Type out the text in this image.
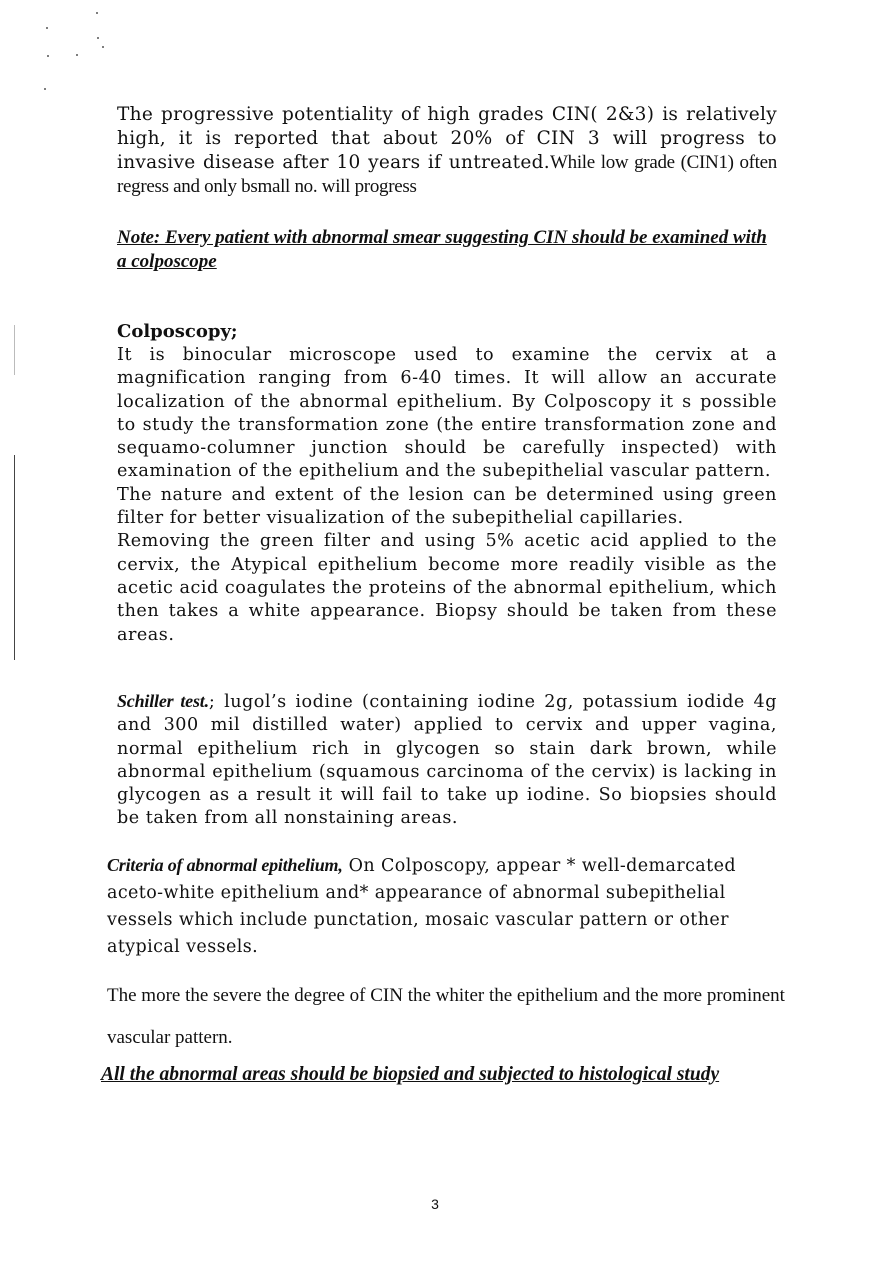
The progressive potentiality of high grades CIN( 2&3) is relatively high, it is reported that about 20% of CIN 3 will progress to invasive disease after 10 years if untreated.While low grade (CIN1) often regress and only bsmall no. will progress

Note: Every patient with abnormal smear suggesting CIN should be examined with a colposcope

Colposcopy;

It is binocular microscope used to examine the cervix at a magnification ranging from 6-40 times. It will allow an accurate localization of the abnormal epithelium. By Colposcopy it s possible to study the transformation zone (the entire transformation zone and sequamo-columner junction should be carefully inspected) with examination of the epithelium and the subepithelial vascular pattern.

The nature and extent of the lesion can be determined using green filter for better visualization of the subepithelial capillaries.

Removing the green filter and using 5% acetic acid applied to the cervix, the Atypical epithelium become more readily visible as the acetic acid coagulates the proteins of the abnormal epithelium, which then takes a white appearance. Biopsy should be taken from these areas.

Schiller test.; lugol’s iodine (containing iodine 2g, potassium iodide 4g and 300 mil distilled water) applied to cervix and upper vagina, normal epithelium rich in glycogen so stain dark brown, while abnormal epithelium (squamous carcinoma of the cervix) is lacking in glycogen as a result it will fail to take up iodine. So biopsies should be taken from all nonstaining areas.

Criteria of abnormal epithelium, On Colposcopy, appear * well-demarcated aceto-white epithelium and* appearance of abnormal subepithelial vessels which include punctation, mosaic vascular pattern or other atypical vessels.

The more the severe the degree of CIN the whiter the epithelium and the more prominent vascular pattern.

All the abnormal areas should be biopsied and subjected to histological study

3
